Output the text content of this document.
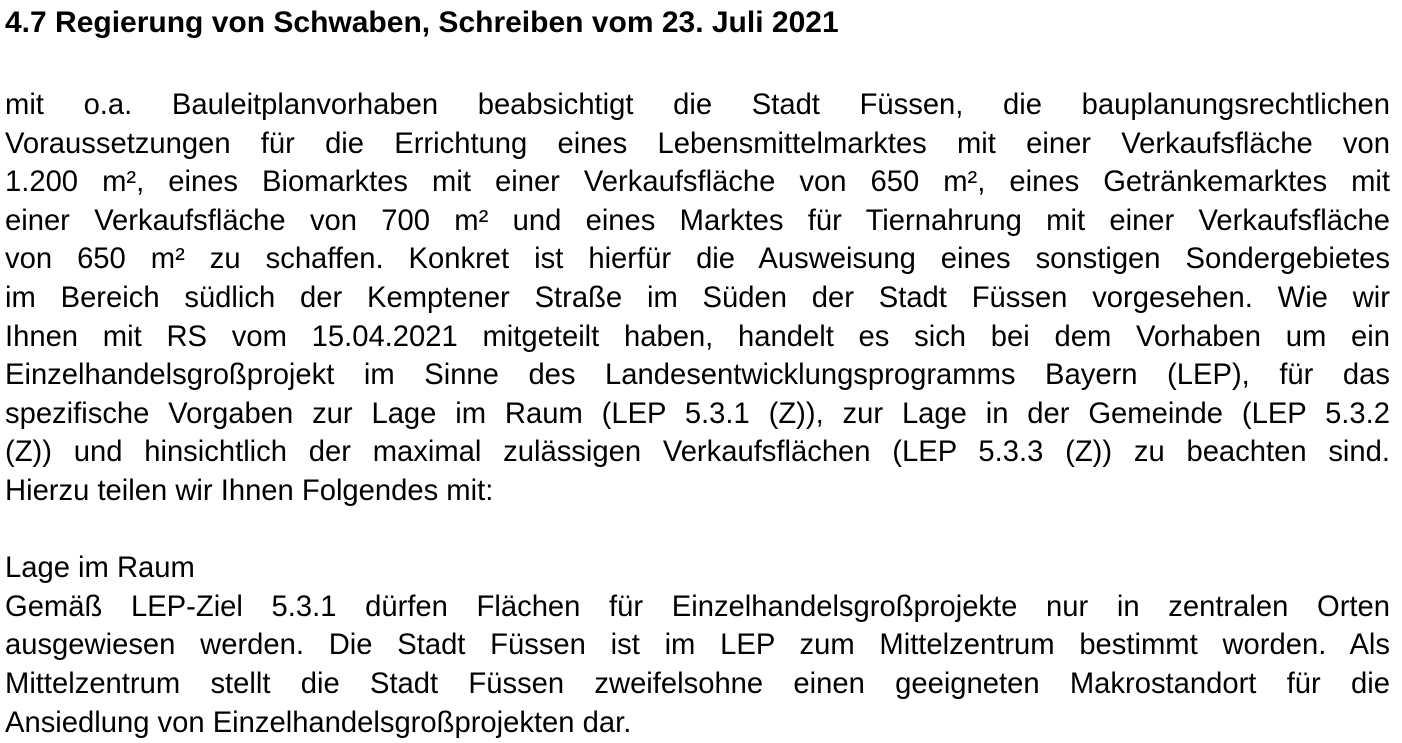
4.7 Regierung von Schwaben, Schreiben vom 23. Juli 2021

mit o.a. Bauleitplanvorhaben beabsichtigt die Stadt Füssen, die bauplanungsrechtlichen
Voraussetzungen für die Errichtung eines Lebensmittelmarktes mit einer Verkaufsfläche von
1.200 m², eines Biomarktes mit einer Verkaufsfläche von 650 m², eines Getränkemarktes mit
einer Verkaufsfläche von 700 m² und eines Marktes für Tiernahrung mit einer Verkaufsfläche
von 650 m² zu schaffen. Konkret ist hierfür die Ausweisung eines sonstigen Sondergebietes
im Bereich südlich der Kemptener Straße im Süden der Stadt Füssen vorgesehen. Wie wir
Ihnen mit RS vom 15.04.2021 mitgeteilt haben, handelt es sich bei dem Vorhaben um ein
Einzelhandelsgroßprojekt im Sinne des Landesentwicklungsprogramms Bayern (LEP), für das
spezifische Vorgaben zur Lage im Raum (LEP 5.3.1 (Z)), zur Lage in der Gemeinde (LEP 5.3.2
(Z)) und hinsichtlich der maximal zulässigen Verkaufsflächen (LEP 5.3.3 (Z)) zu beachten sind.
Hierzu teilen wir Ihnen Folgendes mit:

Lage im Raum

Gemäß LEP-Ziel 5.3.1 dürfen Flächen für Einzelhandelsgroßprojekte nur in zentralen Orten
ausgewiesen werden. Die Stadt Füssen ist im LEP zum Mittelzentrum bestimmt worden. Als
Mittelzentrum stellt die Stadt Füssen zweifelsohne einen geeigneten Makrostandort für die
Ansiedlung von Einzelhandelsgroßprojekten dar.
